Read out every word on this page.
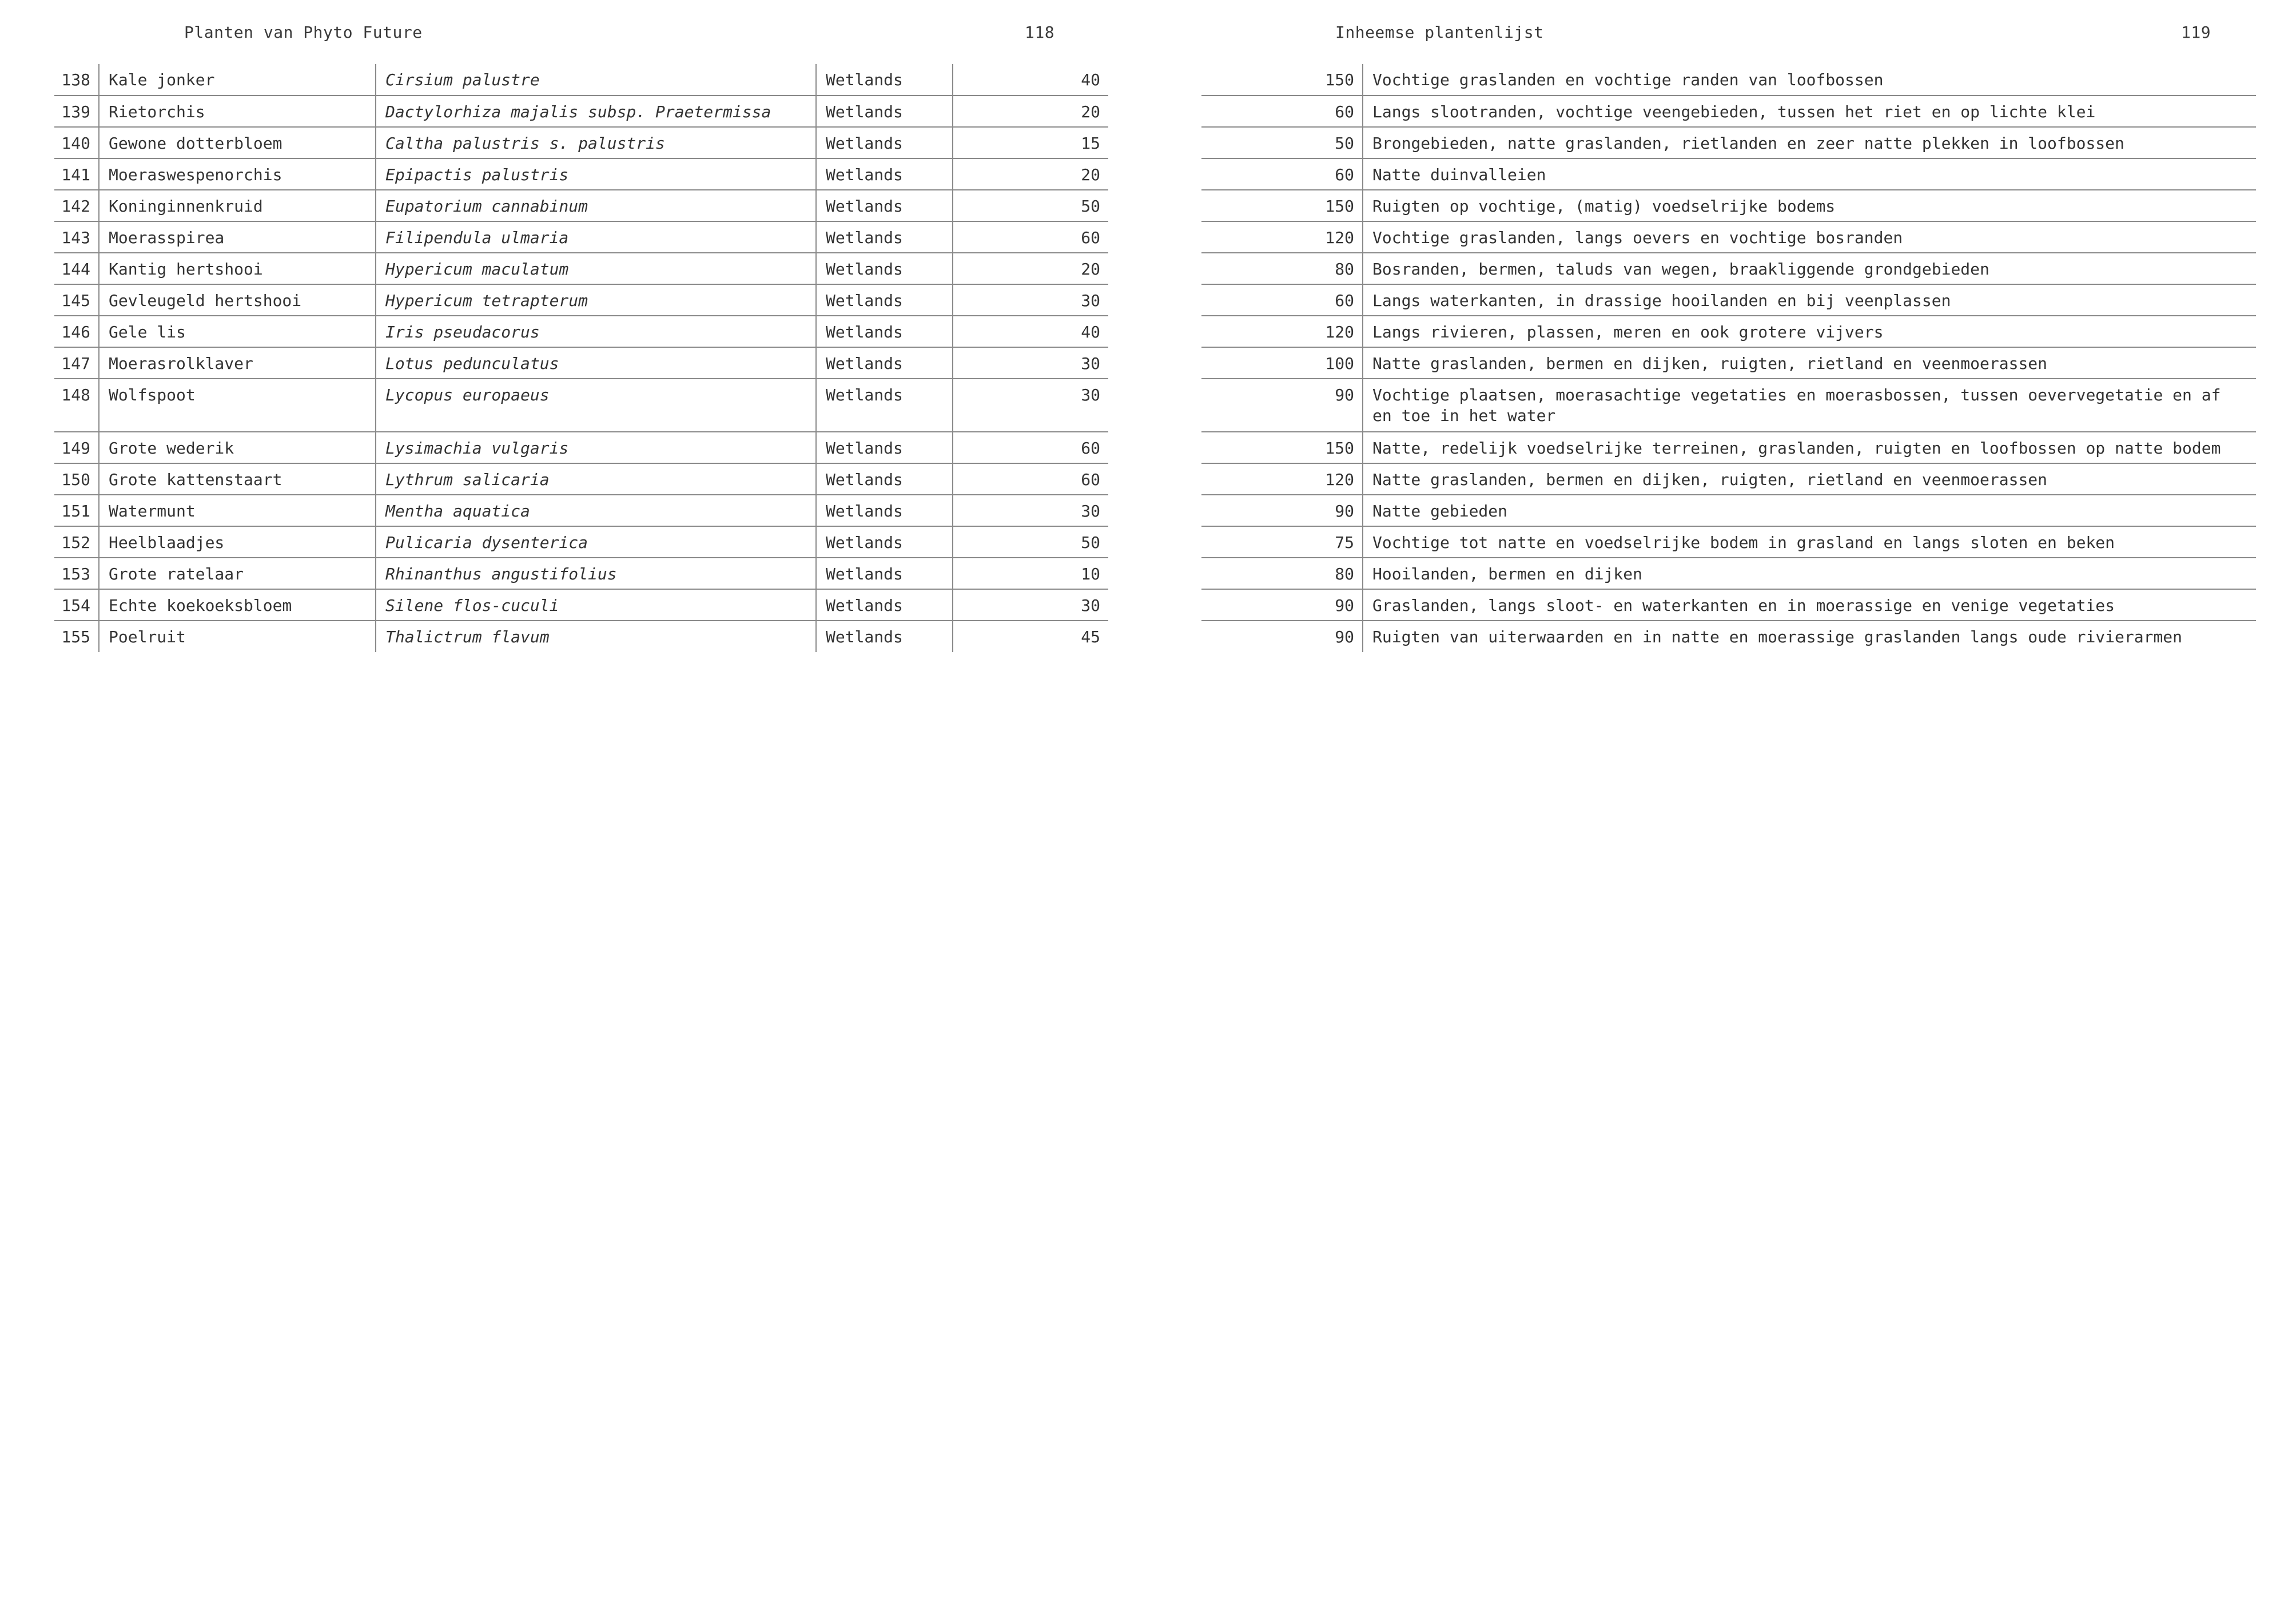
Planten van Phyto Future	118
138	Kale jonker	Cirsium palustre	Wetlands	40
139	Rietorchis	Dactylorhiza majalis subsp. Praetermissa	Wetlands	20
140	Gewone dotterbloem	Caltha palustris s. palustris	Wetlands	15
141	Moeraswespenorchis	Epipactis palustris	Wetlands	20
142	Koninginnenkruid	Eupatorium cannabinum	Wetlands	50
143	Moerasspirea	Filipendula ulmaria	Wetlands	60
144	Kantig hertshooi	Hypericum maculatum	Wetlands	20
145	Gevleugeld hertshooi	Hypericum tetrapterum	Wetlands	30
146	Gele lis	Iris pseudacorus	Wetlands	40
147	Moerasrolklaver	Lotus pedunculatus	Wetlands	30
148	Wolfspoot	Lycopus europaeus	Wetlands	30
149	Grote wederik	Lysimachia vulgaris	Wetlands	60
150	Grote kattenstaart	Lythrum salicaria	Wetlands	60
151	Watermunt	Mentha aquatica	Wetlands	30
152	Heelblaadjes	Pulicaria dysenterica	Wetlands	50
153	Grote ratelaar	Rhinanthus angustifolius	Wetlands	10
154	Echte koekoeksbloem	Silene flos-cuculi	Wetlands	30
155	Poelruit	Thalictrum flavum	Wetlands	45
Inheemse plantenlijst	119
150	Vochtige graslanden en vochtige randen van loofbossen
60	Langs slootranden, vochtige veengebieden, tussen het riet en op lichte klei
50	Brongebieden, natte graslanden, rietlanden en zeer natte plekken in loofbossen
60	Natte duinvalleien
150	Ruigten op vochtige, (matig) voedselrijke bodems
120	Vochtige graslanden, langs oevers en vochtige bosranden
80	Bosranden, bermen, taluds van wegen, braakliggende grondgebieden
60	Langs waterkanten, in drassige hooilanden en bij veenplassen
120	Langs rivieren, plassen, meren en ook grotere vijvers
100	Natte graslanden, bermen en dijken, ruigten, rietland en veenmoerassen
90	Vochtige plaatsen, moerasachtige vegetaties en moerasbossen, tussen oevervegetatie en af en toe in het water
150	Natte, redelijk voedselrijke terreinen, graslanden, ruigten en loofbossen op natte bodem
120	Natte graslanden, bermen en dijken, ruigten, rietland en veenmoerassen
90	Natte gebieden
75	Vochtige tot natte en voedselrijke bodem in grasland en langs sloten en beken
80	Hooilanden, bermen en dijken
90	Graslanden, langs sloot- en waterkanten en in moerassige en venige vegetaties
90	Ruigten van uiterwaarden en in natte en moerassige graslanden langs oude rivierarmen
